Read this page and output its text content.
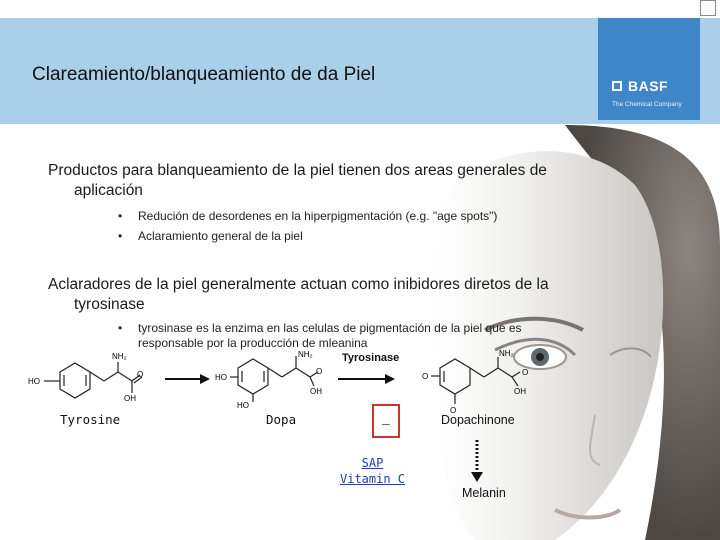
Clareamiento/blanqueamiento de da Piel
BASF
The Chemical Company
Productos para blanqueamiento de la piel tienen dos areas generales de
aplicación
• Redución de desordenes en la hiperpigmentación (e.g. "age spots")
• Aclaramiento general de la piel
Aclaradores de la piel generalmente actuan como inibidores diretos de la
tyrosinase
• tyrosinase es la enzima en las celulas de pigmentación de la piel que es
responsable por la producción de mleanina
HO
NH₂
O
OH
HO
HO
NH₂
O
OH
O
O
NH₂
O
OH
Tyrosinase
–
Tyrosine	Dopa	Dopachinone
Melanin
SAP
Vitamin C
